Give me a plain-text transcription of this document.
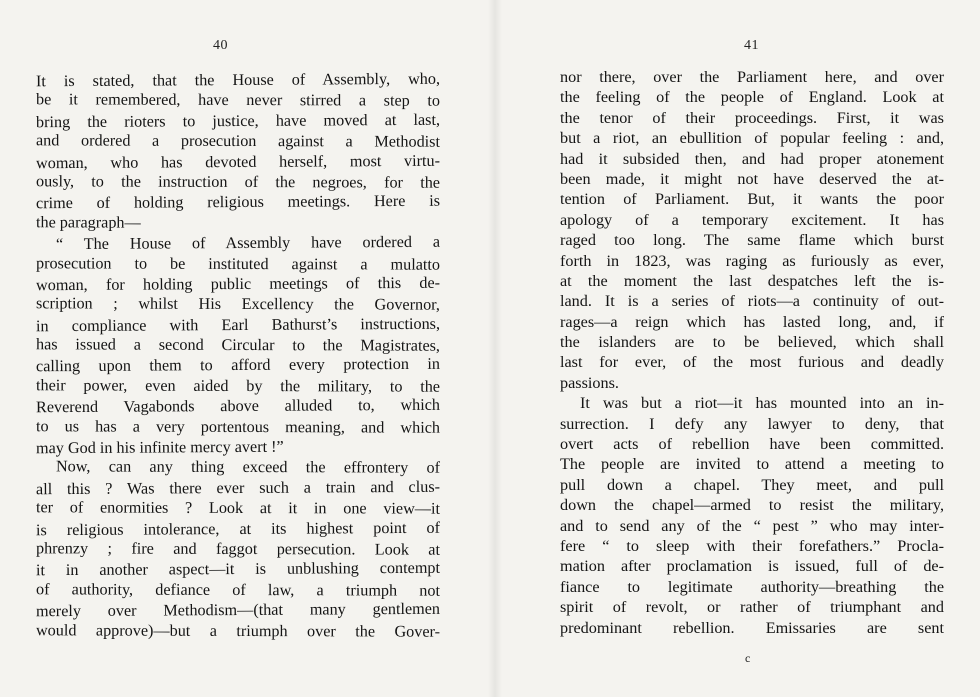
40
It is stated, that the House of Assembly, who,
be it remembered, have never stirred a step to
bring the rioters to justice, have moved at last,
and ordered a prosecution against a Methodist
woman, who has devoted herself, most virtu-
ously, to the instruction of the negroes, for the
crime of holding religious meetings. Here is
the paragraph—
“ The House of Assembly have ordered a
prosecution to be instituted against a mulatto
woman, for holding public meetings of this de-
scription ; whilst His Excellency the Governor,
in compliance with Earl Bathurst’s instructions,
has issued a second Circular to the Magistrates,
calling upon them to afford every protection in
their power, even aided by the military, to the
Reverend Vagabonds above alluded to, which
to us has a very portentous meaning, and which
may God in his infinite mercy avert !”
Now, can any thing exceed the effrontery of
all this ? Was there ever such a train and clus-
ter of enormities ? Look at it in one view—it
is religious intolerance, at its highest point of
phrenzy ; fire and faggot persecution. Look at
it in another aspect—it is unblushing contempt
of authority, defiance of law, a triumph not
merely over Methodism—(that many gentlemen
would approve)—but a triumph over the Gover-
41
nor there, over the Parliament here, and over
the feeling of the people of England. Look at
the tenor of their proceedings. First, it was
but a riot, an ebullition of popular feeling : and,
had it subsided then, and had proper atonement
been made, it might not have deserved the at-
tention of Parliament. But, it wants the poor
apology of a temporary excitement. It has
raged too long. The same flame which burst
forth in 1823, was raging as furiously as ever,
at the moment the last despatches left the is-
land. It is a series of riots—a continuity of out-
rages—a reign which has lasted long, and, if
the islanders are to be believed, which shall
last for ever, of the most furious and deadly
passions.
It was but a riot—it has mounted into an in-
surrection. I defy any lawyer to deny, that
overt acts of rebellion have been committed.
The people are invited to attend a meeting to
pull down a chapel. They meet, and pull
down the chapel—armed to resist the military,
and to send any of the “ pest ” who may inter-
fere “ to sleep with their forefathers.” Procla-
mation after proclamation is issued, full of de-
fiance to legitimate authority—breathing the
spirit of revolt, or rather of triumphant and
predominant rebellion. Emissaries are sent
c
